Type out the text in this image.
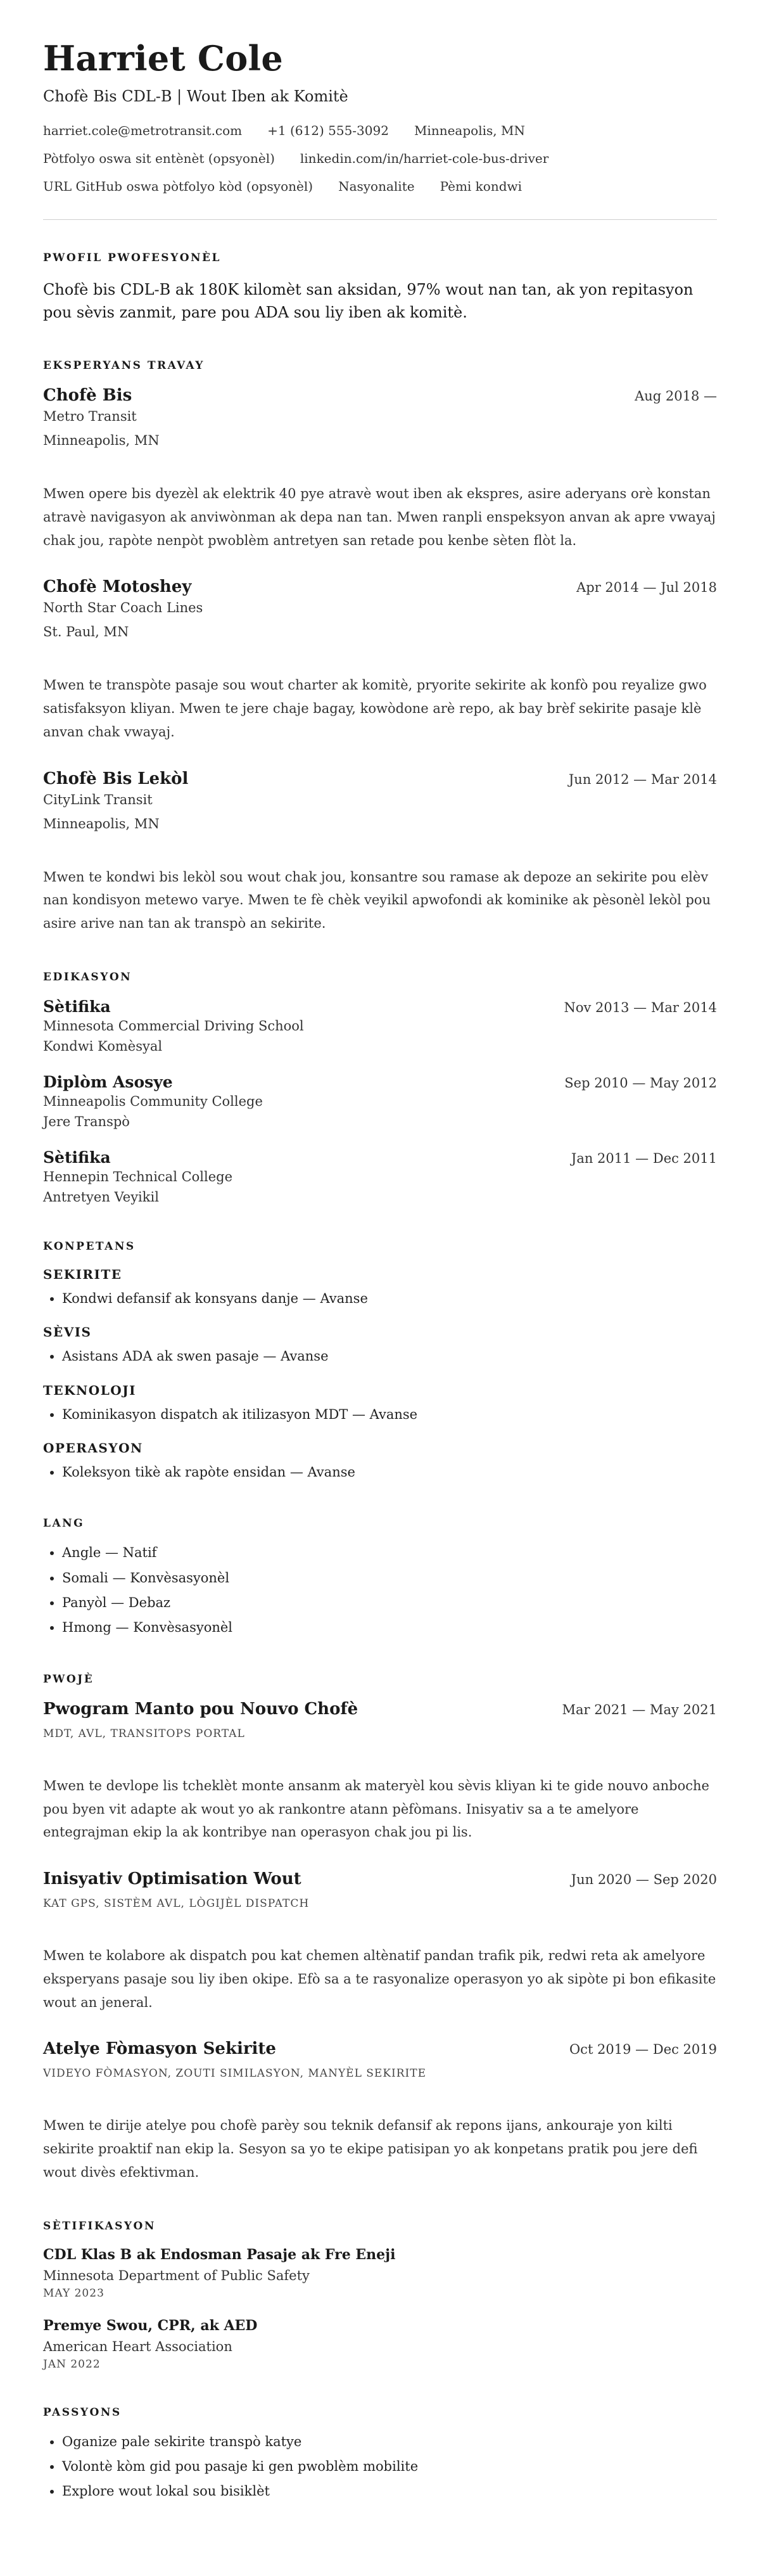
Harriet Cole
Chofè Bis CDL-B | Wout Iben ak Komitè
harriet.cole@metrotransit.com +1 (612) 555-3092 Minneapolis, MN
Pòtfolyo oswa sit entènèt (opsyonèl) linkedin.com/in/harriet-cole-bus-driver
URL GitHub oswa pòtfolyo kòd (opsyonèl) Nasyonalite Pèmi kondwi
PWOFIL PWOFESYONÈL

Chofè bis CDL-B ak 180K kilomèt san aksidan, 97% wout nan tan, ak yon repitasyon pou sèvis zanmit, pare pou ADA sou liy iben ak komitè.

EKSPERYANS TRAVAY
Chofè Bis	Aug 2018 —
Metro Transit
Minneapolis, MN

Mwen opere bis dyezèl ak elektrik 40 pye atravè wout iben ak ekspres, asire aderyans orè konstan atravè navigasyon ak anviwònman ak depa nan tan. Mwen ranpli enspeksyon anvan ak apre vwayaj chak jou, rapòte nenpòt pwoblèm antretyen san retade pou kenbe sèten flòt la.

Chofè Motoshey	Apr 2014 — Jul 2018
North Star Coach Lines
St. Paul, MN

Mwen te transpòte pasaje sou wout charter ak komitè, pryorite sekirite ak konfò pou reyalize gwo satisfaksyon kliyan. Mwen te jere chaje bagay, kowòdone arè repo, ak bay brèf sekirite pasaje klè anvan chak vwayaj.

Chofè Bis Lekòl	Jun 2012 — Mar 2014
CityLink Transit
Minneapolis, MN

Mwen te kondwi bis lekòl sou wout chak jou, konsantre sou ramase ak depoze an sekirite pou elèv nan kondisyon metewo varye. Mwen te fè chèk veyikil apwofondi ak kominike ak pèsonèl lekòl pou asire arive nan tan ak transpò an sekirite.

EDIKASYON
Sètifika	Nov 2013 — Mar 2014
Minnesota Commercial Driving School
Kondwi Komèsyal
Diplòm Asosye	Sep 2010 — May 2012
Minneapolis Community College
Jere Transpò
Sètifika	Jan 2011 — Dec 2011
Hennepin Technical College
Antretyen Veyikil
KONPETANS
SEKIRITE
• Kondwi defansif ak konsyans danje — Avanse
SÈVIS
• Asistans ADA ak swen pasaje — Avanse
TEKNOLOJI
• Kominikasyon dispatch ak itilizasyon MDT — Avanse
OPERASYON
• Koleksyon tikè ak rapòte ensidan — Avanse
LANG
• Angle — Natif
• Somali — Konvèsasyonèl
• Panyòl — Debaz
• Hmong — Konvèsasyonèl
PWOJÈ
Pwogram Manto pou Nouvo Chofè	Mar 2021 — May 2021
MDT, AVL, TRANSITOPS PORTAL

Mwen te devlope lis tcheklèt monte ansanm ak materyèl kou sèvis kliyan ki te gide nouvo anboche pou byen vit adapte ak wout yo ak rankontre atann pèfòmans. Inisyativ sa a te amelyore entegrajman ekip la ak kontribye nan operasyon chak jou pi lis.

Inisyativ Optimisation Wout	Jun 2020 — Sep 2020
KAT GPS, SISTÈM AVL, LÒGIJÈL DISPATCH

Mwen te kolabore ak dispatch pou kat chemen altènatif pandan trafik pik, redwi reta ak amelyore eksperyans pasaje sou liy iben okipe. Efò sa a te rasyonalize operasyon yo ak sipòte pi bon efikasite wout an jeneral.

Atelye Fòmasyon Sekirite	Oct 2019 — Dec 2019
VIDEYO FÒMASYON, ZOUTI SIMILASYON, MANYÈL SEKIRITE

Mwen te dirije atelye pou chofè parèy sou teknik defansif ak repons ijans, ankouraje yon kilti sekirite proaktif nan ekip la. Sesyon sa yo te ekipe patisipan yo ak konpetans pratik pou jere defi wout divès efektivman.

SÈTIFIKASYON
CDL Klas B ak Endosman Pasaje ak Fre Eneji
Minnesota Department of Public Safety
MAY 2023
Premye Swou, CPR, ak AED
American Heart Association
JAN 2022
PASSYONS
• Oganize pale sekirite transpò katye
• Volontè kòm gid pou pasaje ki gen pwoblèm mobilite
• Explore wout lokal sou bisiklèt
